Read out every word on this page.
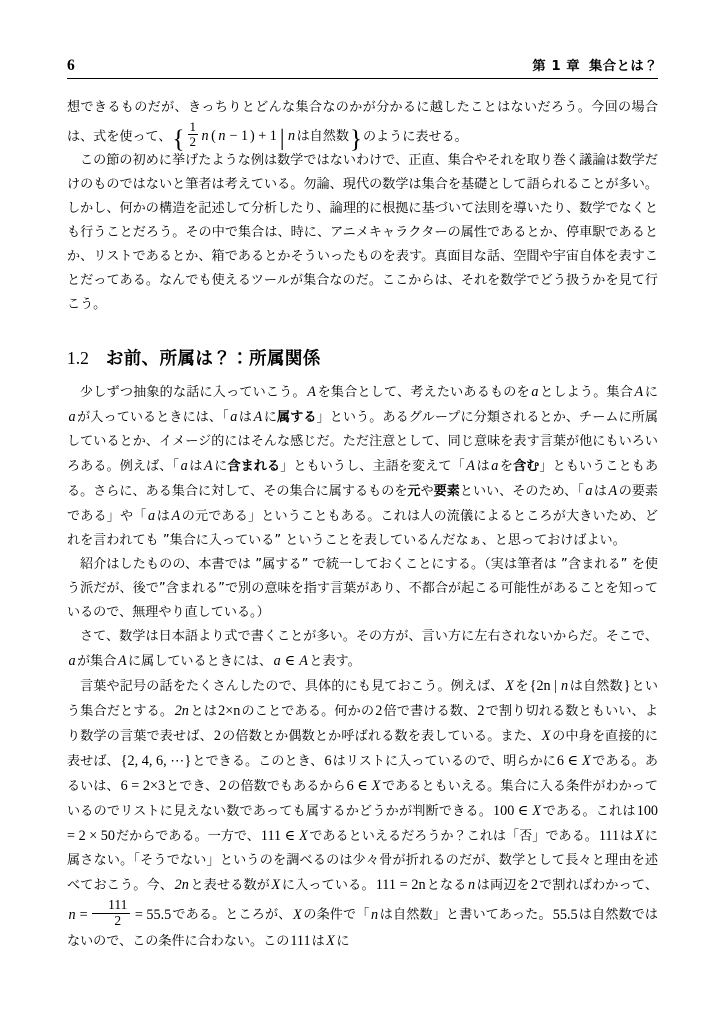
6	第 1 章 集合とは？

想できるものだが、きっちりとどんな集合なのかが分かるに越したことはないだろう。今回の場合は、式を使って、{ $\frac{1}{2}$ n ( n − 1 ) + 1 | n は自然数}のように表せる。

この節の初めに挙げたような例は数学ではないわけで、正直、集合やそれを取り巻く議論は数学だけのものではないと筆者は考えている。勿論、現代の数学は集合を基礎として語られることが多い。しかし、何かの構造を記述して分析したり、論理的に根拠に基づいて法則を導いたり、数学でなくとも行うことだろう。その中で集合は、時に、アニメキャラクターの属性であるとか、停車駅であるとか、リストであるとか、箱であるとかそういったものを表す。真面目な話、空間や宇宙自体を表すことだってある。なんでも使えるツールが集合なのだ。ここからは、それを数学でどう扱うかを見て行こう。

1.2 お前、所属は？：所属関係

少しずつ抽象的な話に入っていこう。 A を集合として、考えたいあるものを a としよう。集合 A にa が入っているときには、「 a は A に属する」という。あるグループに分類されるとか、チームに所属しているとか、イメージ的にはそんな感じだ。ただ注意として、同じ意味を表す言葉が他にもいろいろある。例えば、「 a は A に含まれる」ともいうし、主語を変えて「 A は a を含む」ともいうこともある。さらに、ある集合に対して、その集合に属するものを元や要素といい、そのため、「 a は A の要素である」や「 a は A の元である」ということもある。これは人の流儀によるところが大きいため、どれを言われても ”集合に入っている” ということを表しているんだなぁ、と思っておけばよい。

紹介はしたものの、本書では ”属する” で統一しておくことにする。（実は筆者は ”含まれる” を使う派だが、後で”含まれる”で別の意味を指す言葉があり、不都合が起こる可能性があることを知っているので、無理やり直している。）

さて、数学は日本語より式で書くことが多い。その方が、言い方に左右されないからだ。そこで、a が集合 A に属しているときには、 a ∈ A と表す。

言葉や記号の話をたくさんしたので、具体的にも見ておこう。例えば、 X を{2n | n は自然数}という集合だとする。 2n とは2×nのことである。何かの2倍で書ける数、2で割り切れる数ともいい、より数学の言葉で表せば、2の倍数とか偶数とか呼ばれる数を表している。また、 X の中身を直接的に表せば、{2, 4, 6, ⋯}とできる。このとき、6はリストに入っているので、明らかに6 ∈ X である。あるいは、6 = 2×3とでき、2の倍数でもあるから6 ∈ X であるともいえる。集合に入る条件がわかっているのでリストに見えない数であっても属するかどうかが判断できる。100 ∈ X である。これは100 = 2 × 50だからである。一方で、111 ∈ X であるといえるだろうか？これは「否」である。111は X に属さない。「そうでない」というのを調べるのは少々骨が折れるのだが、数学として長々と理由を述べておこう。今、 2n と表せる数が X に入っている。111 = 2nとなる n は両辺を2で割ればわかって、$n = \frac{111}{2} = 55.5$である。ところが、 X の条件で「 n は自然数」と書いてあった。55.5は自然数ではないので、この条件に合わない。この111は X に
